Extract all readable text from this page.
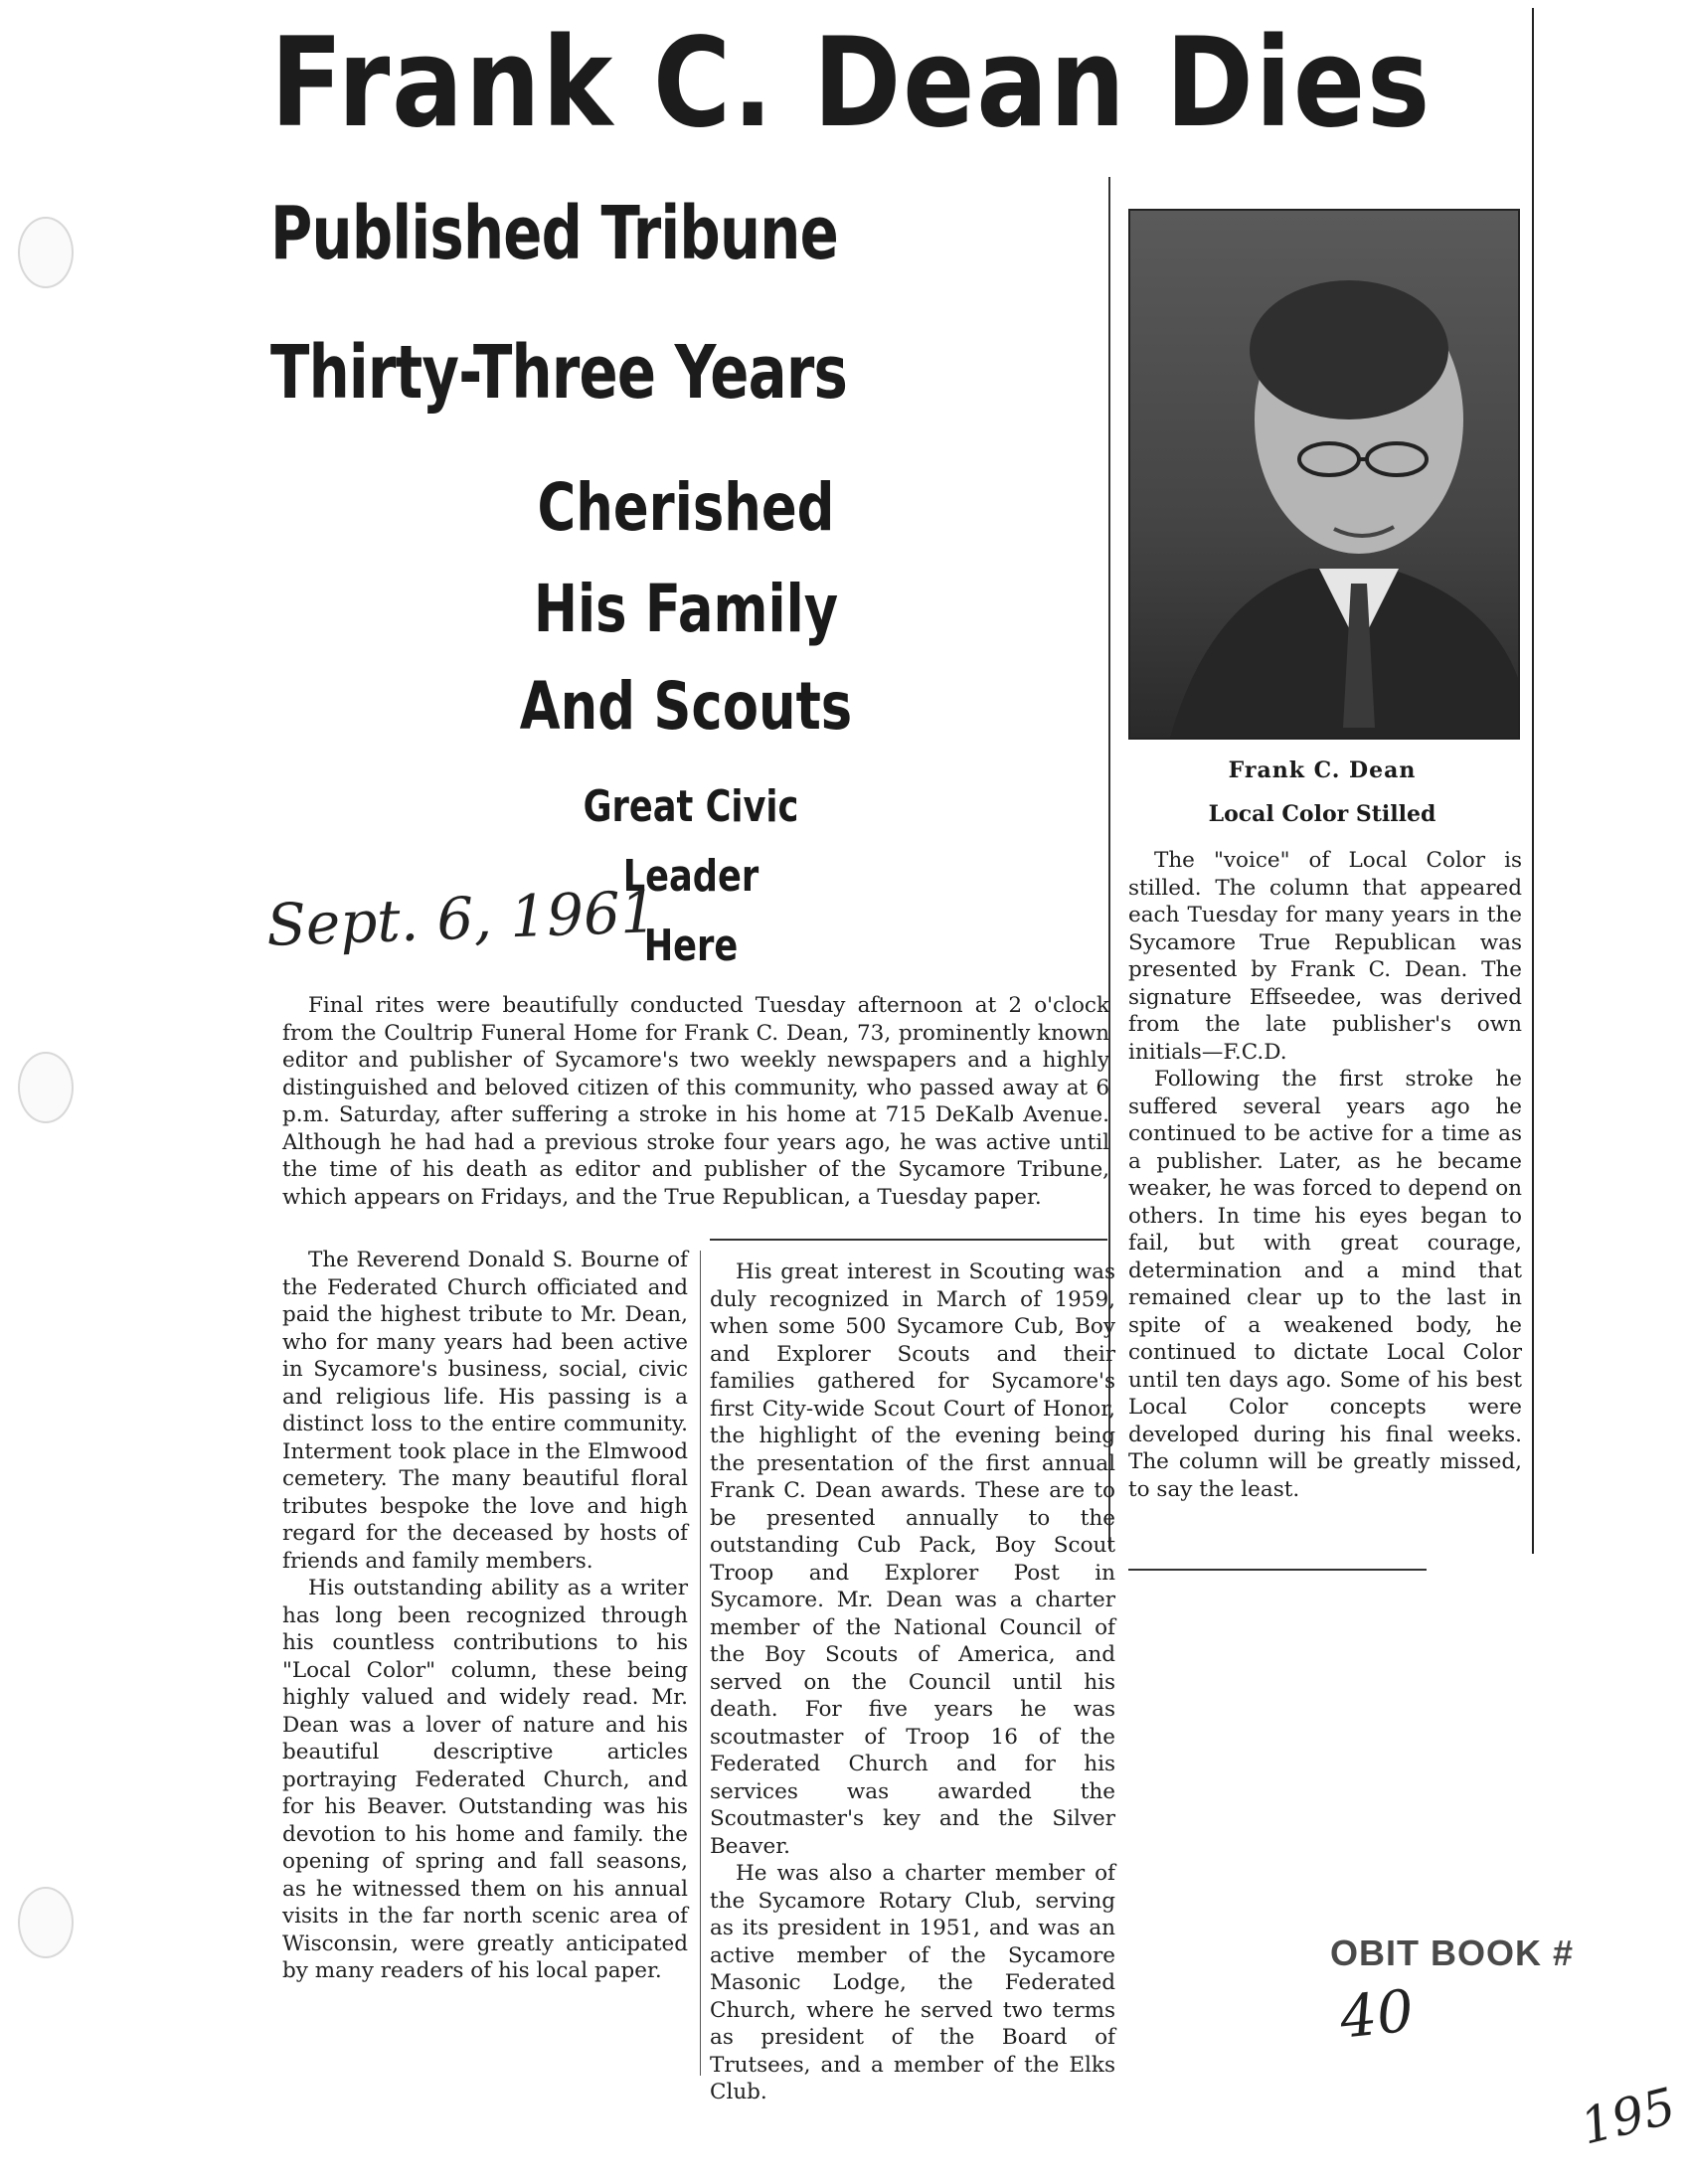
Frank C. Dean Dies
Published Tribune
Thirty-Three Years
Cherished
His Family
And Scouts
Great Civic
Leader
Here
Sept. 6, 1961
Frank C. Dean
Local Color Stilled

Final rites were beautifully conducted Tuesday afternoon at 2 o'clock from the Coultrip Funeral Home for Frank C. Dean, 73, prominently known editor and publisher of Sycamore's two weekly newspapers and a highly distinguished and beloved citizen of this community, who passed away at 6 p.m. Saturday, after suffering a stroke in his home at 715 DeKalb Avenue. Although he had had a previous stroke four years ago, he was active until the time of his death as editor and publisher of the Sycamore Tribune, which appears on Fridays, and the True Republican, a Tuesday paper.

The Reverend Donald S. Bourne of the Federated Church officiated and paid the highest tribute to Mr. Dean, who for many years had been active in Sycamore's business, social, civic and religious life. His passing is a distinct loss to the entire community. Interment took place in the Elmwood cemetery. The many beautiful floral tributes bespoke the love and high regard for the deceased by hosts of friends and family members.

His outstanding ability as a writer has long been recognized through his countless contributions to his "Local Color" column, these being highly valued and widely read. Mr. Dean was a lover of nature and his beautiful descriptive articles portraying Federated Church, and for his Beaver. Outstanding was his devotion to his home and family. the opening of spring and fall seasons, as he witnessed them on his annual visits in the far north scenic area of Wisconsin, were greatly anticipated by many readers of his local paper.

His great interest in Scouting was duly recognized in March of 1959, when some 500 Sycamore Cub, Boy and Explorer Scouts and their families gathered for Sycamore's first City-wide Scout Court of Honor, the highlight of the evening being the presentation of the first annual Frank C. Dean awards. These are to be presented annually to the outstanding Cub Pack, Boy Scout Troop and Explorer Post in Sycamore. Mr. Dean was a charter member of the National Council of the Boy Scouts of America, and served on the Council until his death. For five years he was scoutmaster of Troop 16 of the Federated Church and for his services was awarded the Scoutmaster's key and the Silver Beaver.

He was also a charter member of the Sycamore Rotary Club, serving as its president in 1951, and was an active member of the Sycamore Masonic Lodge, the Federated Church, where he served two terms as president of the Board of Trutsees, and a member of the Elks Club.

The "voice" of Local Color is stilled. The column that appeared each Tuesday for many years in the Sycamore True Republican was presented by Frank C. Dean. The signature Effseedee, was derived from the late publisher's own initials—F.C.D.

Following the first stroke he suffered several years ago he continued to be active for a time as a publisher. Later, as he became weaker, he was forced to depend on others. In time his eyes began to fail, but with great courage, determination and a mind that remained clear up to the last in spite of a weakened body, he continued to dictate Local Color until ten days ago. Some of his best Local Color concepts were developed during his final weeks. The column will be greatly missed, to say the least.

OBIT BOOK #
40
195
